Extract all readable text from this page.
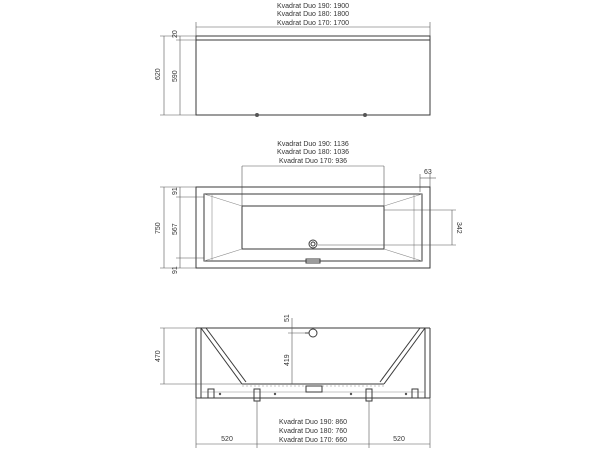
Kvadrat Duo 190: 1900
Kvadrat Duo 180: 1800
Kvadrat Duo 170: 1700
620
20
590
Kvadrat Duo 190: 1136
Kvadrat Duo 180: 1036
Kvadrat Duo 170: 936
63
750
91
567
91
342
470
51
419
520	520
Kvadrat Duo 190: 860
Kvadrat Duo 180: 760
Kvadrat Duo 170: 660
